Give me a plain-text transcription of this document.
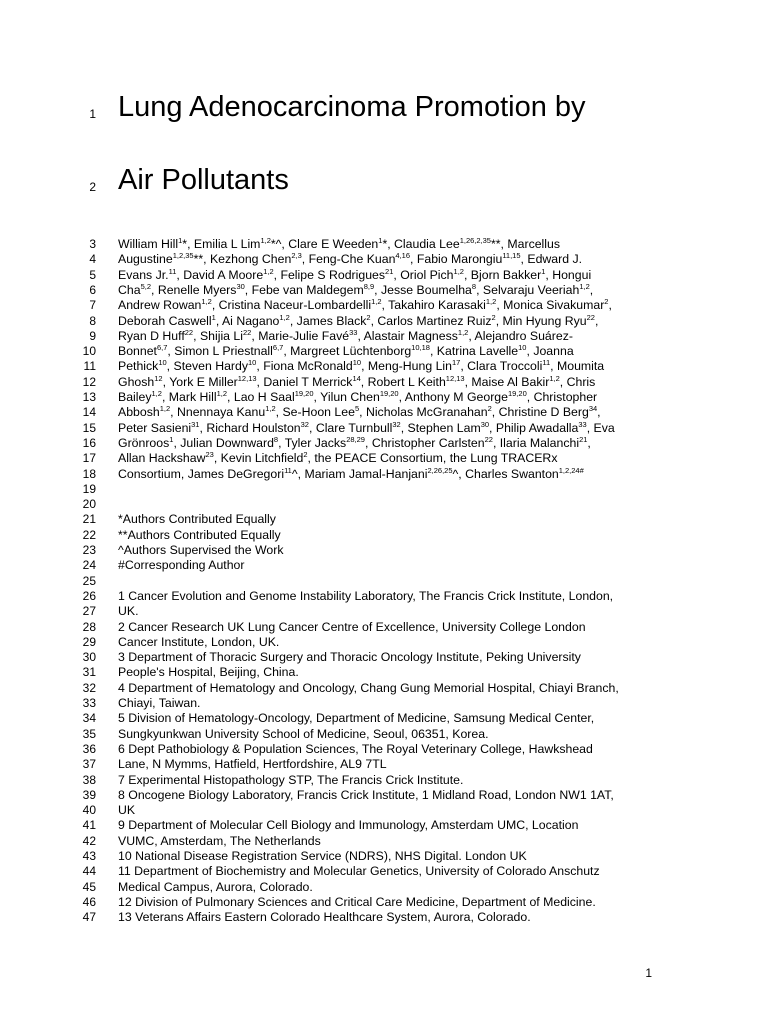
1 Lung Adenocarcinoma Promotion by
2 Air Pollutants
3 William Hill$^1$*, Emilia L Lim$^{1,2}$*^, Clare E Weeden$^1$*, Claudia Lee$^{1,26,2,35}$**, Marcellus
4 Augustine$^{1,2,35}$**, Kezhong Chen$^{2,3}$, Feng-Che Kuan$^{4,16}$, Fabio Marongiu$^{11,15}$, Edward J.
5 Evans Jr.$^{11}$, David A Moore$^{1,2}$, Felipe S Rodrigues$^{21}$, Oriol Pich$^{1,2}$, Bjorn Bakker$^1$, Hongui
6 Cha$^{5,2}$, Renelle Myers$^{30}$, Febe van Maldegem$^{8,9}$, Jesse Boumelha$^8$, Selvaraju Veeriah$^{1,2}$,
7 Andrew Rowan$^{1,2}$, Cristina Naceur-Lombardelli$^{1,2}$, Takahiro Karasaki$^{1,2}$, Monica Sivakumar$^2$,
8 Deborah Caswell$^1$, Ai Nagano$^{1,2}$, James Black$^2$, Carlos Martinez Ruiz$^2$, Min Hyung Ryu$^{22}$,
9 Ryan D Huff$^{22}$, Shijia Li$^{22}$, Marie-Julie Favé$^{33}$, Alastair Magness$^{1,2}$, Alejandro Suárez-
10 Bonnet$^{6,7}$, Simon L Priestnall$^{6,7}$, Margreet Lüchtenborg$^{10,18}$, Katrina Lavelle$^{10}$, Joanna
11 Pethick$^{10}$, Steven Hardy$^{10}$, Fiona McRonald$^{10}$, Meng-Hung Lin$^{17}$, Clara Troccoli$^{11}$, Moumita
12 Ghosh$^{12}$, York E Miller$^{12,13}$, Daniel T Merrick$^{14}$, Robert L Keith$^{12,13}$, Maise Al Bakir$^{1,2}$, Chris
13 Bailey$^{1,2}$, Mark Hill$^{1,2}$, Lao H Saal$^{19,20}$, Yilun Chen$^{19,20}$, Anthony M George$^{19,20}$, Christopher
14 Abbosh$^{1,2}$, Nnennaya Kanu$^{1,2}$, Se-Hoon Lee$^5$, Nicholas McGranahan$^2$, Christine D Berg$^{34}$,
15 Peter Sasieni$^{31}$, Richard Houlston$^{32}$, Clare Turnbull$^{32}$, Stephen Lam$^{30}$, Philip Awadalla$^{33}$, Eva
16 Grönroos$^1$, Julian Downward$^8$, Tyler Jacks$^{28,29}$, Christopher Carlsten$^{22}$, Ilaria Malanchi$^{21}$,
17 Allan Hackshaw$^{23}$, Kevin Litchfield$^2$, the PEACE Consortium, the Lung TRACERx
18 Consortium, James DeGregori$^{11}$^, Mariam Jamal-Hanjani$^{2,26,25}$^, Charles Swanton$^{1,2,24\#}$
19
20
21 *Authors Contributed Equally
22 **Authors Contributed Equally
23 ^Authors Supervised the Work
24 #Corresponding Author
25
26 1 Cancer Evolution and Genome Instability Laboratory, The Francis Crick Institute, London,
27 UK.
28 2 Cancer Research UK Lung Cancer Centre of Excellence, University College London
29 Cancer Institute, London, UK.
30 3 Department of Thoracic Surgery and Thoracic Oncology Institute, Peking University
31 People's Hospital, Beijing, China.
32 4 Department of Hematology and Oncology, Chang Gung Memorial Hospital, Chiayi Branch,
33 Chiayi, Taiwan.
34 5 Division of Hematology-Oncology, Department of Medicine, Samsung Medical Center,
35 Sungkyunkwan University School of Medicine, Seoul, 06351, Korea.
36 6 Dept Pathobiology & Population Sciences, The Royal Veterinary College, Hawkshead
37 Lane, N Mymms, Hatfield, Hertfordshire, AL9 7TL
38 7 Experimental Histopathology STP, The Francis Crick Institute.
39 8 Oncogene Biology Laboratory, Francis Crick Institute, 1 Midland Road, London NW1 1AT,
40 UK
41 9 Department of Molecular Cell Biology and Immunology, Amsterdam UMC, Location
42 VUMC, Amsterdam, The Netherlands
43 10 National Disease Registration Service (NDRS), NHS Digital. London UK
44 11 Department of Biochemistry and Molecular Genetics, University of Colorado Anschutz
45 Medical Campus, Aurora, Colorado.
46 12 Division of Pulmonary Sciences and Critical Care Medicine, Department of Medicine.
47 13 Veterans Affairs Eastern Colorado Healthcare System, Aurora, Colorado.
1
